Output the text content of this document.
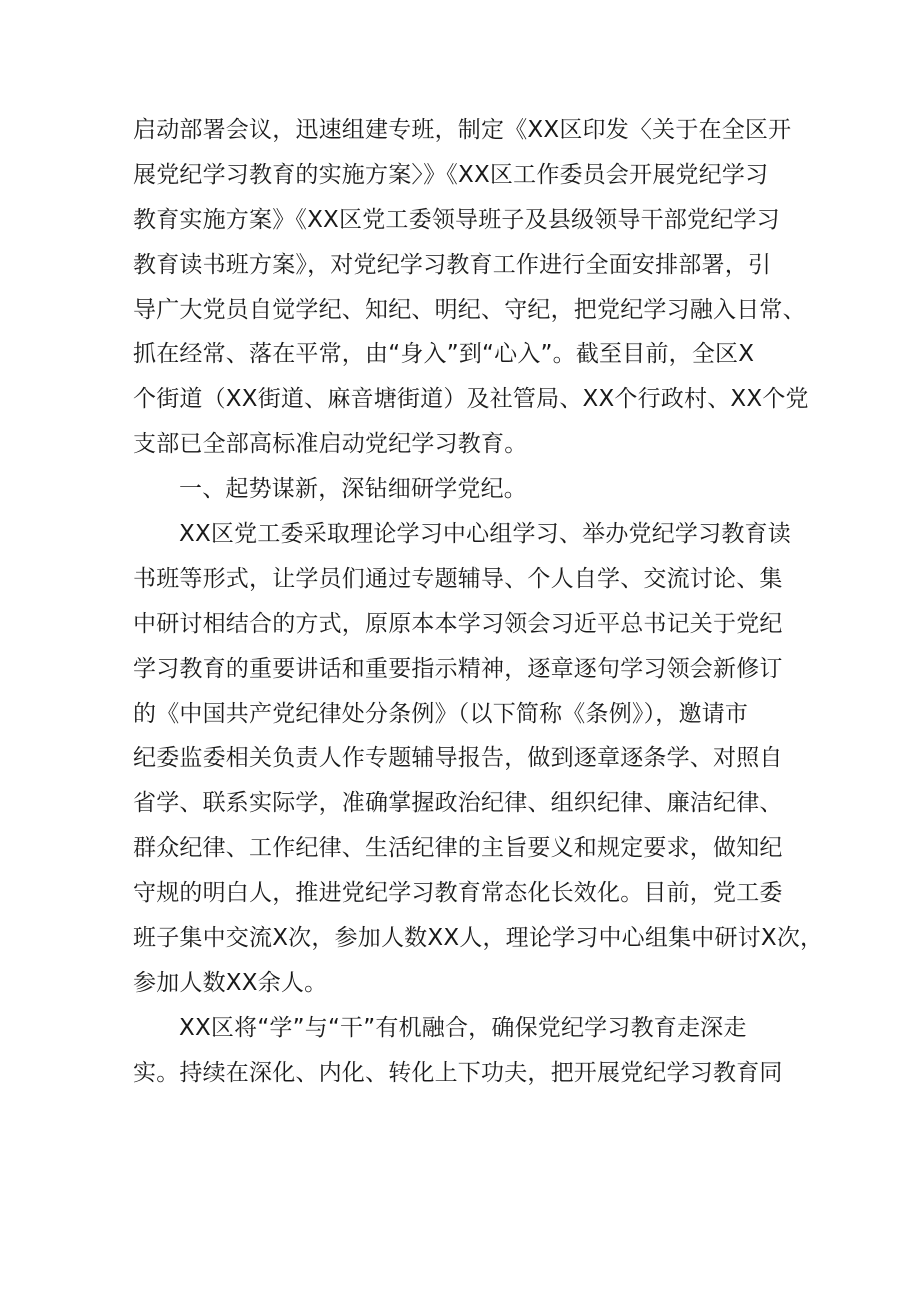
启动部署会议，迅速组建专班，制定《XX区印发〈关于在全区开
展党纪学习教育的实施方案〉》《XX区工作委员会开展党纪学习
教育实施方案》《XX区党工委领导班子及县级领导干部党纪学习
教育读书班方案》，对党纪学习教育工作进行全面安排部署，引
导广大党员自觉学纪、知纪、明纪、守纪，把党纪学习融入日常、
抓在经常、落在平常，由“身入”到“心入”。截至目前，全区X
个街道（XX街道、麻音塘街道）及社管局、XX个行政村、XX个党
支部已全部高标准启动党纪学习教育。
一、起势谋新，深钻细研学党纪。
XX区党工委采取理论学习中心组学习、举办党纪学习教育读
书班等形式，让学员们通过专题辅导、个人自学、交流讨论、集
中研讨相结合的方式，原原本本学习领会习近平总书记关于党纪
学习教育的重要讲话和重要指示精神，逐章逐句学习领会新修订
的《中国共产党纪律处分条例》（以下简称《条例》），邀请市
纪委监委相关负责人作专题辅导报告，做到逐章逐条学、对照自
省学、联系实际学，准确掌握政治纪律、组织纪律、廉洁纪律、
群众纪律、工作纪律、生活纪律的主旨要义和规定要求，做知纪
守规的明白人，推进党纪学习教育常态化长效化。目前，党工委
班子集中交流X次，参加人数XX人，理论学习中心组集中研讨X次，
参加人数XX余人。
XX区将“学”与“干”有机融合，确保党纪学习教育走深走
实。持续在深化、内化、转化上下功夫，把开展党纪学习教育同
